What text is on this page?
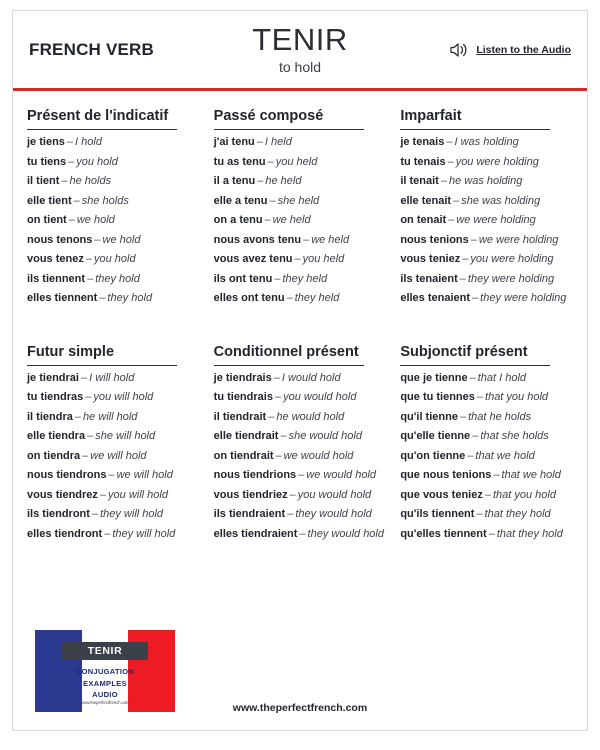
FRENCH VERB	TENIR
to hold
Listen to the Audio
Présent de l'indicatif
je tiens – I hold
tu tiens – you hold
il tient – he holds
elle tient – she holds
on tient – we hold
nous tenons – we hold
vous tenez – you hold
ils tiennent – they hold
elles tiennent – they hold
Passé composé
j'ai tenu – I held
tu as tenu – you held
il a tenu – he held
elle a tenu – she held
on a tenu – we held
nous avons tenu – we held
vous avez tenu – you held
ils ont tenu – they held
elles ont tenu – they held
Imparfait
je tenais – I was holding
tu tenais – you were holding
il tenait – he was holding
elle tenait – she was holding
on tenait – we were holding
nous tenions – we were holding
vous teniez – you were holding
ils tenaient – they were holding
elles tenaient – they were holding
Futur simple
je tiendrai – I will hold
tu tiendras – you will hold
il tiendra – he will hold
elle tiendra – she will hold
on tiendra – we will hold
nous tiendrons – we will hold
vous tiendrez – you will hold
ils tiendront – they will hold
elles tiendront – they will hold
Conditionnel présent
je tiendrais – I would hold
tu tiendrais – you would hold
il tiendrait – he would hold
elle tiendrait – she would hold
on tiendrait – we would hold
nous tiendrions – we would hold
vous tiendriez – you would hold
ils tiendraient – they would hold
elles tiendraient – they would hold
Subjonctif présent
que je tienne – that I hold
que tu tiennes – that you hold
qu'il tienne – that he holds
qu'elle tienne – that she holds
qu'on tienne – that we hold
que nous tenions – that we hold
que vous teniez – that you hold
qu'ils tiennent – that they hold
qu'elles tiennent – that they hold
TENIR
CONJUGATION
EXAMPLES
AUDIO
www.theperfectfrench.com	www.theperfectfrench.com
